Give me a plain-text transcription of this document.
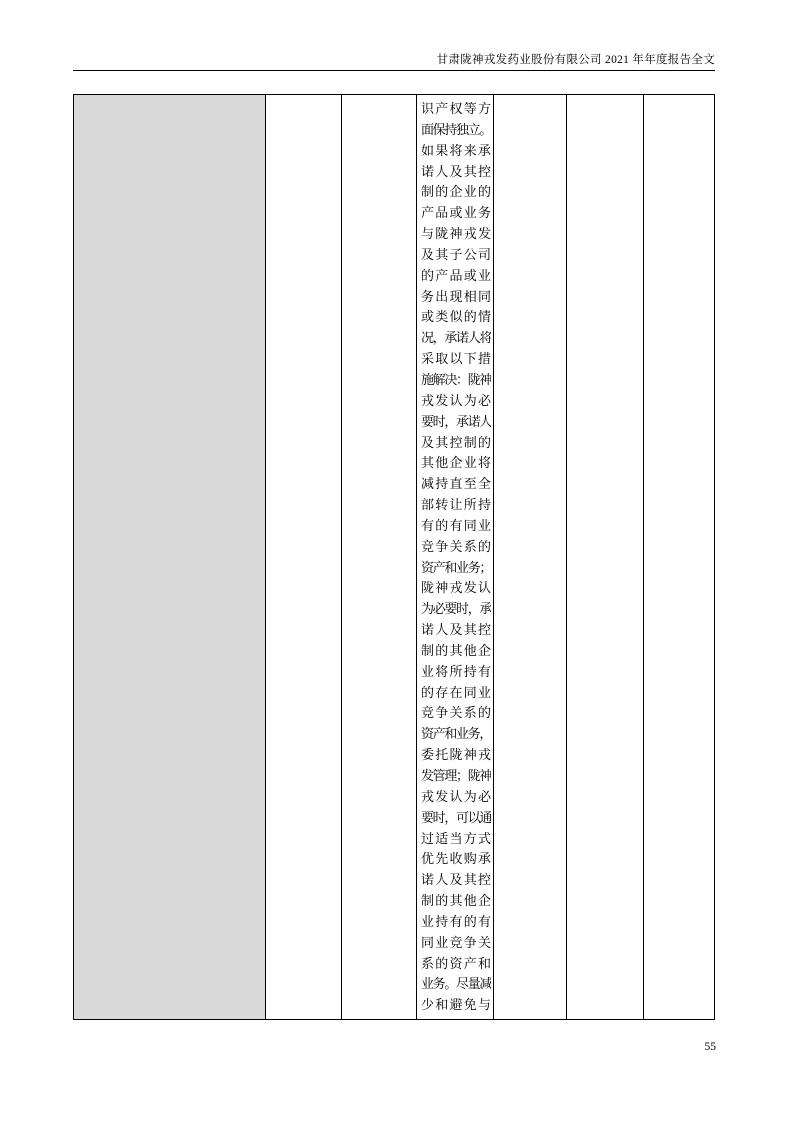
甘肃陇神戎发药业股份有限公司 2021 年年度报告全文

识产权等方
面保持独立。
如果将来承
诺人及其控
制的企业的
产品或业务
与陇神戎发
及其子公司
的产品或业
务出现相同
或类似的情
况，承诺人将
采取以下措
施解决：陇神
戎发认为必
要时，承诺人
及其控制的
其他企业将
减持直至全
部转让所持
有的有同业
竞争关系的
资产和业务；
陇神戎发认
为必要时，承
诺人及其控
制的其他企
业将所持有
的存在同业
竞争关系的
资产和业务，
委托陇神戎
发管理；陇神
戎发认为必
要时，可以通
过适当方式
优先收购承
诺人及其控
制的其他企
业持有的有
同业竞争关
系的资产和
业务。尽量减
少和避免与

55
